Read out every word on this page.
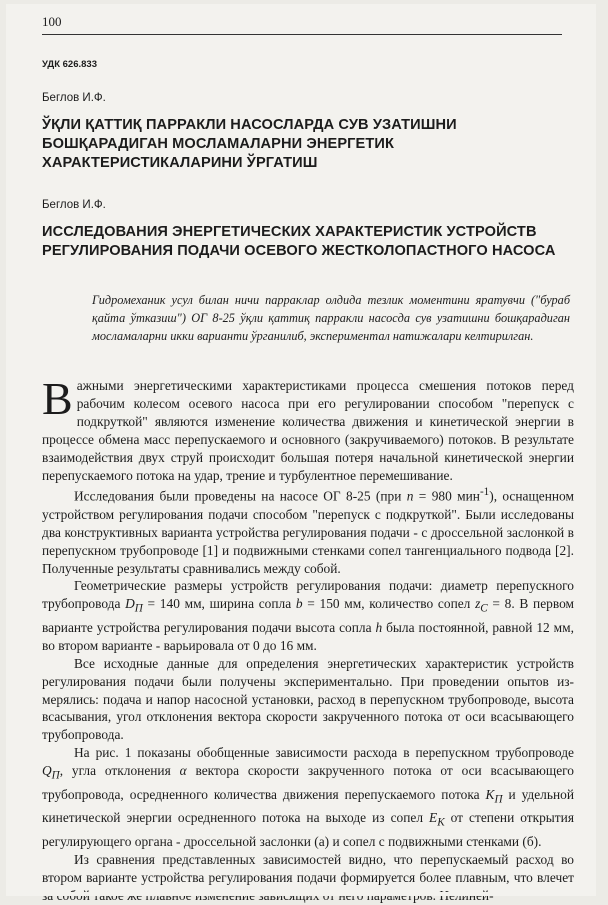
100
УДК 626.833
Беглов И.Ф.
ЎҚЛИ ҚАТТИҚ ПАРРАКЛИ НАСОСЛАРДА СУВ УЗАТИШНИ БОШҚАРАДИГАН МОСЛАМАЛАРНИ ЭНЕРГЕТИК ХАРАКТЕРИСТИКАЛАРИНИ ЎРГАТИШ
Беглов И.Ф.
ИССЛЕДОВАНИЯ ЭНЕРГЕТИЧЕСКИХ ХАРАКТЕРИСТИК УСТРОЙСТВ РЕГУЛИРОВАНИЯ ПОДАЧИ ОСЕВОГО ЖЕСТКОЛОПАСТНОГО НАСОСА
Гидромеханик усул билан ничи парраклар олдида тезлик моментини яратувчи ("бураб қайта ўтказиш") ОГ 8-25 ўқли қаттиқ парракли насосда сув узатишни бошқарадиган мосламаларни икки варианти ўрганилиб, экспериментал натижалари келтирилган.

Важными энергетическими характеристиками процесса смешения потоков перед рабочим колесом осевого насоса при его регулировании способом "перепуск с подкруткой" являются изменение количества движения и кинетической энергии в процессе обмена масс перепускаемого и основного (закручиваемого) потоков. В результате взаимодействия двух струй происходит большая потеря начальной кинетической энергии перепускаемого потока на удар, трение и турбулентное перемешивание.

Исследования были проведены на насосе ОГ 8-25 (при n = 980 мин$^{-1}$), оснащенном устройством регулирования подачи способом "перепуск с подкруткой". Были исследованы два конструктивных варианта устройства регулирования подачи - с дроссельной заслонкой в перепускном трубопроводе [1] и подвижными стенками сопел тангенциального подвода [2]. Полученные результаты сравнивались между собой.

Геометрические размеры устройств регулирования подачи: диаметр перепускного трубопровода $D_П = 140$ мм, ширина сопла b = 150 мм, количество сопел $z_C = 8$. В первом варианте устройства регулирования подачи высота сопла h была постоянной, равной 12 мм, во втором варианте - варьировала от 0 до 16 мм.

Все исходные данные для определения энергетических характеристик устройств регулирования подачи были получены экспериментально. При проведении опытов измерялись: подача и напор насосной установки, расход в перепускном трубопроводе, высота всасывания, угол отклонения вектора скорости закрученного потока от оси всасывающего трубопровода.

На рис. 1 показаны обобщенные зависимости расхода в перепускном трубопроводе $Q_П$, угла отклонения α вектора скорости закрученного потока от оси всасывающего трубопровода, осредненного количества движения перепускаемого потока $K_П$ и удельной кинетической энергии осредненного потока на выходе из сопел $E_K$ от степени открытия регулирующего органа - дроссельной заслонки (а) и сопел с подвижными стенками (б).

Из сравнения представленных зависимостей видно, что перепускаемый расход во втором варианте устройства регулирования подачи формируется более плавным, что влечет
